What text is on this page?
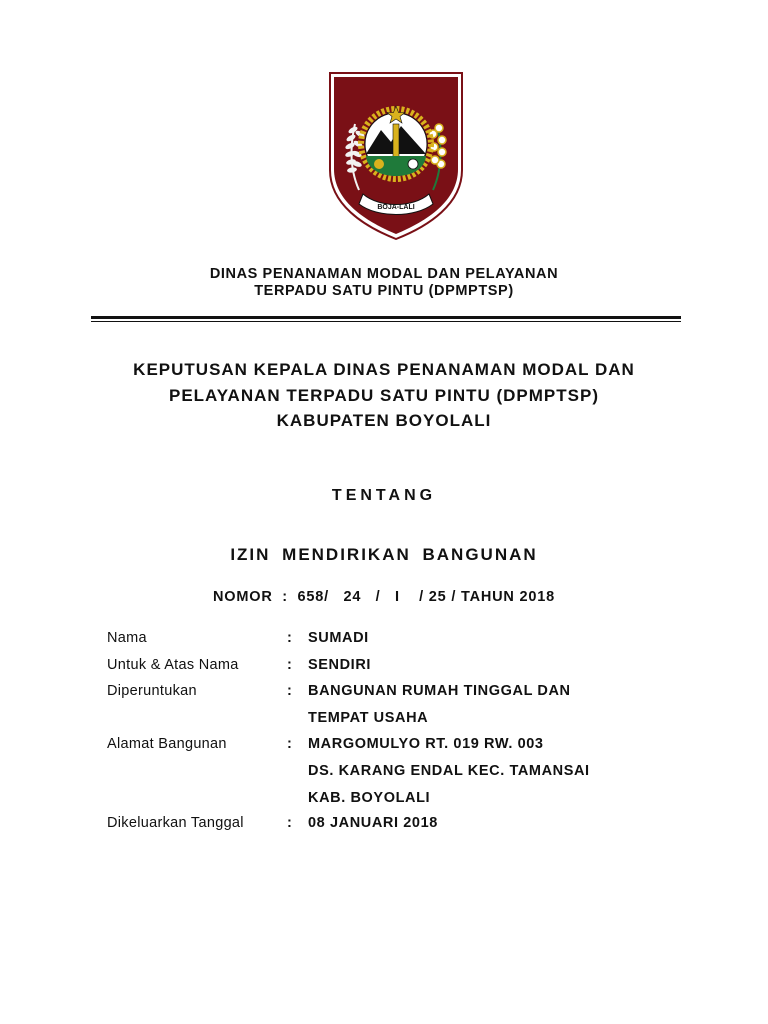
BOJA-LALI
DINAS PENANAMAN MODAL DAN PELAYANAN
TERPADU SATU PINTU (DPMPTSP)
KEPUTUSAN KEPALA DINAS PENANAMAN MODAL DAN
PELAYANAN TERPADU SATU PINTU (DPMPTSP)
KABUPATEN BOYOLALI
TENTANG
IZIN MENDIRIKAN BANGUNAN
NOMOR  :  658/   24   /   I    / 25 / TAHUN 2018
Nama	: SUMADI
Untuk & Atas Nama	: SENDIRI
Diperuntukan	: BANGUNAN RUMAH TINGGAL DAN
TEMPAT USAHA
Alamat Bangunan	: MARGOMULYO RT. 019 RW. 003
DS. KARANG ENDAL KEC. TAMANSAI
KAB. BOYOLALI
Dikeluarkan Tanggal	: 08 JANUARI 2018
